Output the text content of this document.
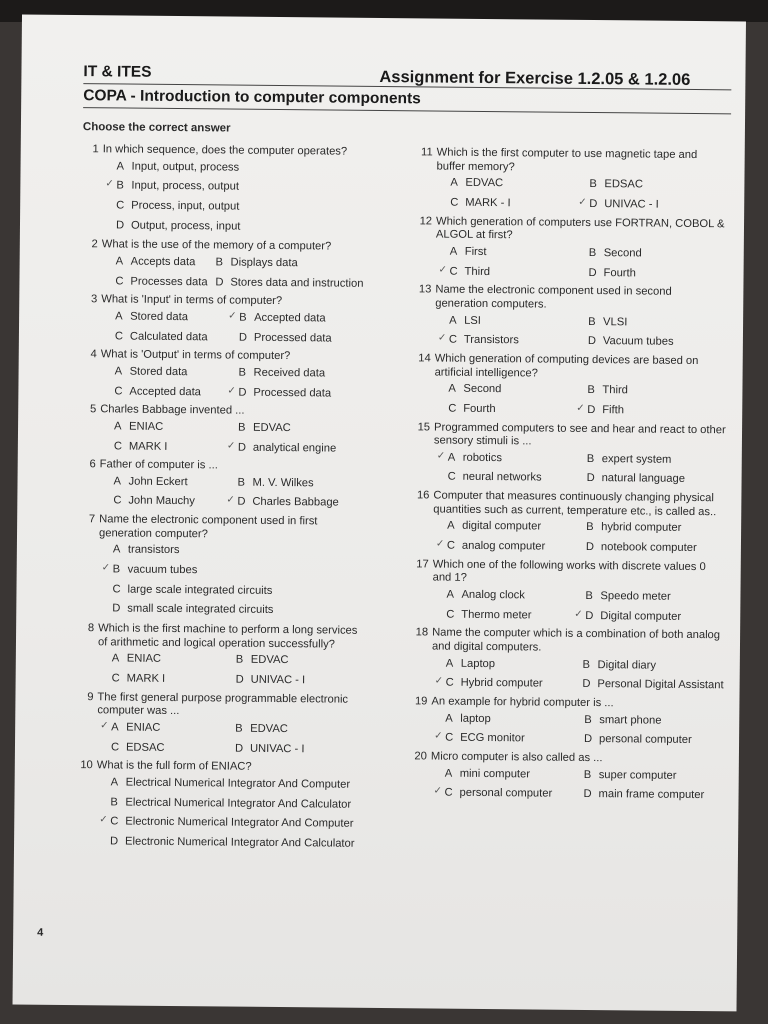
IT & ITES	Assignment for Exercise 1.2.05 & 1.2.06
COPA - Introduction to computer components
Choose the correct answer
1 In which sequence, does the computer operates?
A Input, output, process
✓ B Input, process, output
C Process, input, output
D Output, process, input
2 What is the use of the memory of a computer?
A Accepts data	B Displays data
C Processes data D Stores data and instruction
3 What is 'Input' in terms of computer?
A Stored data	✓ B Accepted data
C Calculated data	D Processed data
4 What is 'Output' in terms of computer?
A Stored data	B Received data
C Accepted data	✓ D Processed data
5 Charles Babbage invented ...
A ENIAC	B EDVAC
C MARK I	✓ D analytical engine
6 Father of computer is ...
A John Eckert	B M. V. Wilkes
C John Mauchy	✓ D Charles Babbage
7 Name the electronic component used in first generation computer?
A transistors
✓ B vacuum tubes
C large scale integrated circuits
D small scale integrated circuits
8 Which is the first machine to perform a long services of arithmetic and logical operation successfully?
A ENIAC	B EDVAC
C MARK I	D UNIVAC - I
9 The first general purpose programmable electronic computer was ...
✓ A ENIAC	B EDVAC
C EDSAC	D UNIVAC - I
10 What is the full form of ENIAC?
A Electrical Numerical Integrator And Computer
B Electrical Numerical Integrator And Calculator
✓ C Electronic Numerical Integrator And Computer
D Electronic Numerical Integrator And Calculator
11 Which is the first computer to use magnetic tape and buffer memory?
A EDVAC	B EDSAC
C MARK - I	✓ D UNIVAC - I
12 Which generation of computers use FORTRAN, COBOL & ALGOL at first?
A First	B Second
✓ C Third	D Fourth
13 Name the electronic component used in second generation computers.
A LSI	B VLSI
✓ C Transistors	D Vacuum tubes
14 Which generation of computing devices are based on artificial intelligence?
A Second	B Third
C Fourth	✓ D Fifth
15 Programmed computers to see and hear and react to other sensory stimuli is ...
✓ A robotics	B expert system
C neural networks	D natural language
16 Computer that measures continuously changing physical quantities such as current, temperature etc., is called as..
A digital computer	B hybrid computer
✓ C analog computer	D notebook computer
17 Which one of the following works with discrete values 0 and 1?
A Analog clock	B Speedo meter
C Thermo meter	✓ D Digital computer
18 Name the computer which is a combination of both analog and digital computers.
A Laptop	B Digital diary
✓ C Hybrid computer	D Personal Digital Assistant
19 An example for hybrid computer is ...
A laptop	B smart phone
✓ C ECG monitor	D personal computer
20 Micro computer is also called as ...
A mini computer	B super computer
✓ C personal computer	D main frame computer
4
